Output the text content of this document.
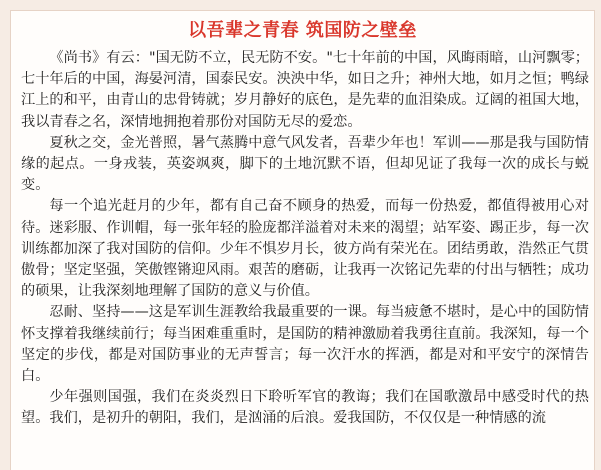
以吾辈之青春 筑国防之壁垒

《尚书》有云："国无防不立，民无防不安。"七十年前的中国，风晦雨暗，山河飘零；七十年后的中国，海晏河清，国泰民安。泱泱中华，如日之升；神州大地，如月之恒；鸭绿江上的和平，由青山的忠骨铸就；岁月静好的底色，是先辈的血泪染成。辽阔的祖国大地，我以青春之名，深情地拥抱着那份对国防无尽的爱恋。

夏秋之交，金光普照，暑气蒸腾中意气风发者，吾辈少年也！军训——那是我与国防情缘的起点。一身戎装，英姿飒爽，脚下的土地沉默不语，但却见证了我每一次的成长与蜕变。

每一个追光赶月的少年，都有自己奋不顾身的热爱，而每一份热爱，都值得被用心对待。迷彩服、作训帽，每一张年轻的脸庞都洋溢着对未来的渴望；站军姿、踢正步，每一次训练都加深了我对国防的信仰。少年不惧岁月长，彼方尚有荣光在。团结勇敢，浩然正气贯傲骨；坚定坚强，笑傲铿锵迎风雨。艰苦的磨砺，让我再一次铭记先辈的付出与牺牲；成功的硕果，让我深刻地理解了国防的意义与价值。

忍耐、坚持——这是军训生涯教给我最重要的一课。每当疲惫不堪时，是心中的国防情怀支撑着我继续前行；每当困难重重时，是国防的精神激励着我勇往直前。我深知，每一个坚定的步伐，都是对国防事业的无声誓言；每一次汗水的挥洒，都是对和平安宁的深情告白。

少年强则国强，我们在炎炎烈日下聆听军官的教诲；我们在国歌激昂中感受时代的热望。我们，是初升的朝阳，我们，是汹涌的后浪。爱我国防，不仅仅是一种情感的流
